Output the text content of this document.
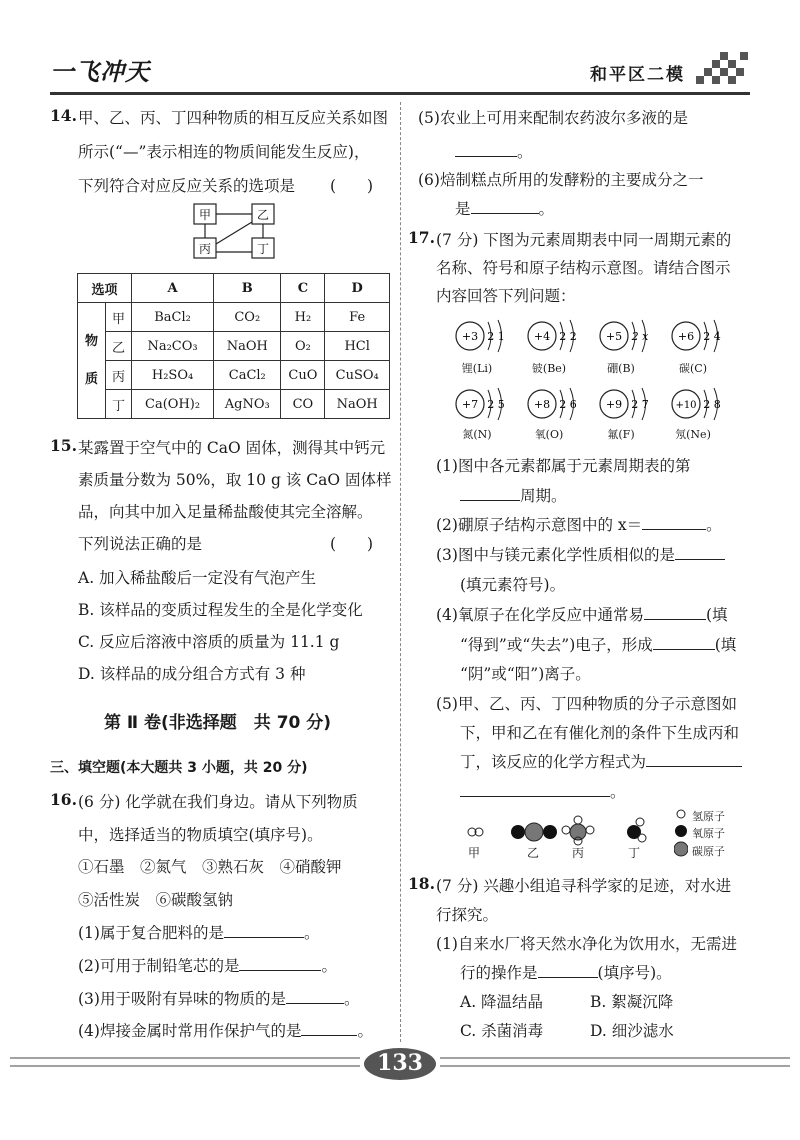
一飞冲天	和平区二模
14. 甲、乙、丙、丁四种物质的相互反应关系如图
所示(“—”表示相连的物质间能发生反应)，
下列符合对应反应关系的选项是 (　　)
甲	乙
丙	丁
选项		A	B	C	D
物
质	甲	BaCl₂	CO₂	H₂	Fe
	乙	Na₂CO₃	NaOH	O₂	HCl
	丙	H₂SO₄	CaCl₂	CuO	CuSO₄
	丁	Ca(OH)₂	AgNO₃	CO	NaOH
15. 某露置于空气中的 CaO 固体，测得其中钙元
素质量分数为 50%，取 10 g 该 CaO 固体样
品，向其中加入足量稀盐酸使其完全溶解。
下列说法正确的是	(　　)
A. 加入稀盐酸后一定没有气泡产生
B. 该样品的变质过程发生的全是化学变化
C. 反应后溶液中溶质的质量为 11.1 g
D. 该样品的成分组合方式有 3 种
第 Ⅱ 卷(非选择题　共 70 分)
三、填空题(本大题共 3 小题，共 20 分)
16. (6 分) 化学就在我们身边。请从下列物质
中，选择适当的物质填空(填序号)。
①石墨　②氮气　③熟石灰　④硝酸钾
⑤活性炭　⑥碳酸氢钠
(1)属于复合肥料的是	。
(2)可用于制铅笔芯的是	。
(3)用于吸附有异味的物质的是	。
(4)焊接金属时常用作保护气的是	。
(5)农业上可用来配制农药波尔多液的是
。
(6)焙制糕点所用的发酵粉的主要成分之一
是	。
17. (7 分) 下图为元素周期表中同一周期元素的
名称、符号和原子结构示意图。请结合图示
内容回答下列问题：
+3 2 1	+4 2 2	+5 2 x	+6 2 4
锂(Li)	铍(Be)	硼(B)	碳(C)
+7 2 5	+8 2 6	+9 2 7	+10 2 8
氮(N)	氧(O)	氟(F)	氖(Ne)
(1)图中各元素都属于元素周期表的第
周期。
(2)硼原子结构示意图中的 x＝	。
(3)图中与镁元素化学性质相似的是
(填元素符号)。
(4)氧原子在化学反应中通常易	(填
“得到”或“失去”)电子，形成	(填
“阴”或“阳”)离子。
(5)甲、乙、丙、丁四种物质的分子示意图如
下，甲和乙在有催化剂的条件下生成丙和
丁，该反应的化学方程式为
。
甲	乙	丙	丁
氢原子
氧原子
碳原子
18. (7 分) 兴趣小组追寻科学家的足迹，对水进
行探究。
(1)自来水厂将天然水净化为饮用水，无需进
行的操作是	(填序号)。
A. 降温结晶	B. 絮凝沉降
C. 杀菌消毒	D. 细沙滤水
133
